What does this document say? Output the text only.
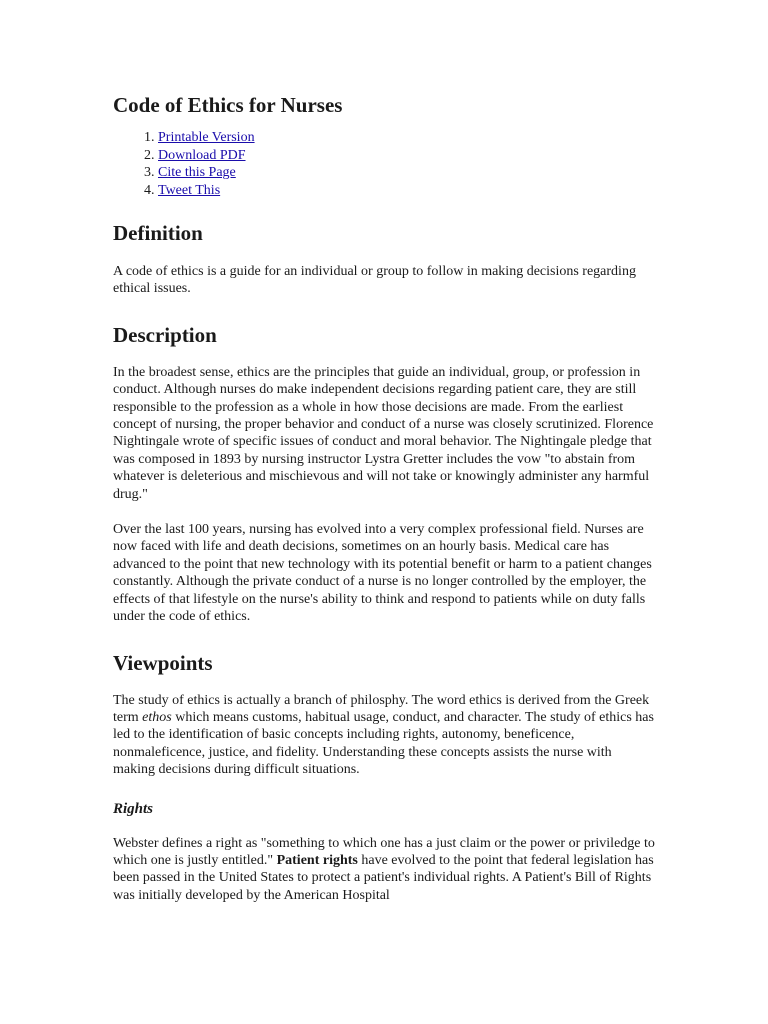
Code of Ethics for Nurses
1. Printable Version
2. Download PDF
3. Cite this Page
4. Tweet This
Definition

A code of ethics is a guide for an individual or group to follow in making decisions regarding ethical issues.

Description

In the broadest sense, ethics are the principles that guide an individual, group, or profession in conduct. Although nurses do make independent decisions regarding patient care, they are still responsible to the profession as a whole in how those decisions are made. From the earliest concept of nursing, the proper behavior and conduct of a nurse was closely scrutinized. Florence Nightingale wrote of specific issues of conduct and moral behavior. The Nightingale pledge that was composed in 1893 by nursing instructor Lystra Gretter includes the vow "to abstain from whatever is deleterious and mischievous and will not take or knowingly administer any harmful drug."

Over the last 100 years, nursing has evolved into a very complex professional field. Nurses are now faced with life and death decisions, sometimes on an hourly basis. Medical care has advanced to the point that new technology with its potential benefit or harm to a patient changes constantly. Although the private conduct of a nurse is no longer controlled by the employer, the effects of that lifestyle on the nurse's ability to think and respond to patients while on duty falls under the code of ethics.

Viewpoints

The study of ethics is actually a branch of philosphy. The word ethics is derived from the Greek term ethos which means customs, habitual usage, conduct, and character. The study of ethics has led to the identification of basic concepts including rights, autonomy, beneficence, nonmaleficence, justice, and fidelity. Understanding these concepts assists the nurse with making decisions during difficult situations.

Rights

Webster defines a right as "something to which one has a just claim or the power or priviledge to which one is justly entitled." Patient rights have evolved to the point that federal legislation has been passed in the United States to protect a patient's individual rights. A Patient's Bill of Rights was initially developed by the American Hospital
